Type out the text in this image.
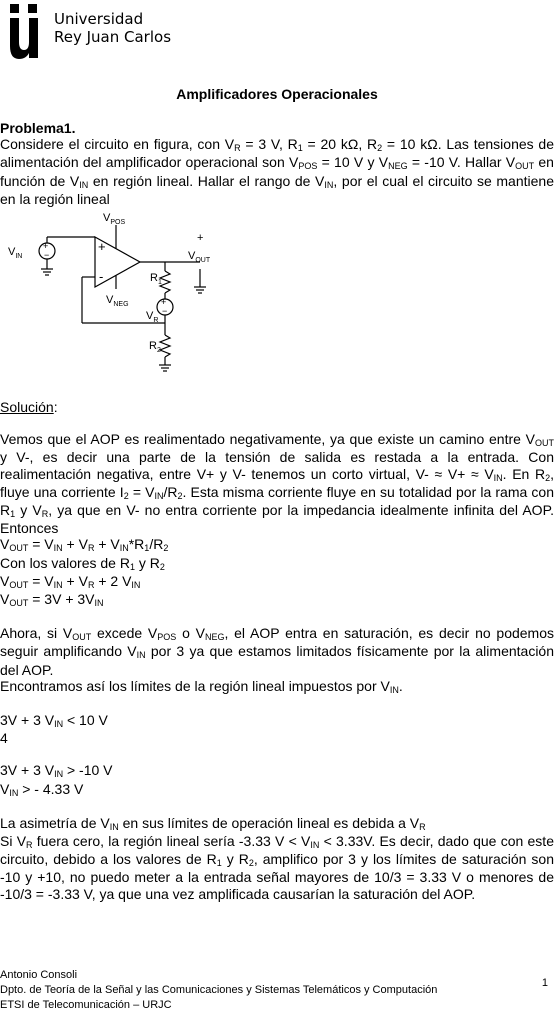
Universidad
Rey Juan Carlos
Amplificadores Operacionales

Problema1.

Considere el circuito en figura, con $V_R = 3$ V, $R_1 = 20$ kΩ, $R_2 = 10$ kΩ. Las tensiones de alimentación del amplificador operacional son $V_{POS} = 10$ V y $V_{NEG} = -10$ V. Hallar $V_{OUT}$ en función de $V_{IN}$ en región lineal. Hallar el rango de $V_{IN}$, por el cual el circuito se mantiene en la región lineal

$V_{POS}$
+
-
$V_{NEG}$
$V_{IN}$
+
−
$R_1$
+
−
$V_R$
$R_2$
+
$V_{OUT}$

Solución:

Vemos que el AOP es realimentado negativamente, ya que existe un camino entre $V_{OUT}$ y V-, es decir una parte de la tensión de salida es restada a la entrada. Con realimentación negativa, entre V+ y V- tenemos un corto virtual, $V- \approx V+ \approx V_{IN}$. En $R_2$, fluye una corriente $I_2 = V_{IN}/R_2$. Esta misma corriente fluye en su totalidad por la rama con $R_1$ y $V_R$, ya que en V- no entra corriente por la impedancia idealmente infinita del AOP. Entonces

$V_{OUT} = V_{IN} + V_R + V_{IN}*R_1/R_2$
Con los valores de $R_1$ y $R_2$
$V_{OUT} = V_{IN} + V_R + 2$ $V_{IN}$
$V_{OUT} = 3V + 3V_{IN}$

Ahora, si $V_{OUT}$ excede $V_{POS}$ o $V_{NEG}$, el AOP entra en saturación, es decir no podemos seguir amplificando $V_{IN}$ por 3 ya que estamos limitados físicamente por la alimentación del AOP.

Encontramos así los límites de la región lineal impuestos por $V_{IN}$.

3V + 3 $V_{IN} < 10$ V
4
3V + 3 $V_{IN} > -10$ V
$V_{IN}$ > - 4.33 V
La asimetría de $V_{IN}$ en sus límites de operación lineal es debida a $V_R$

Si $V_R$ fuera cero, la región lineal sería -3.33 $V < V_{IN} < 3.33V$. Es decir, dado que con este circuito, debido a los valores de $R_1$ y $R_2$, amplifico por 3 y los límites de saturación son -10 y +10, no puedo meter a la entrada señal mayores de 10/3 = 3.33 V o menores de -10/3 = -3.33 V, ya que una vez amplificada causarían la saturación del AOP.

1
Antonio Consoli
Dpto. de Teoría de la Señal y las Comunicaciones y Sistemas Telemáticos y Computación
ETSI de Telecomunicación – URJC
